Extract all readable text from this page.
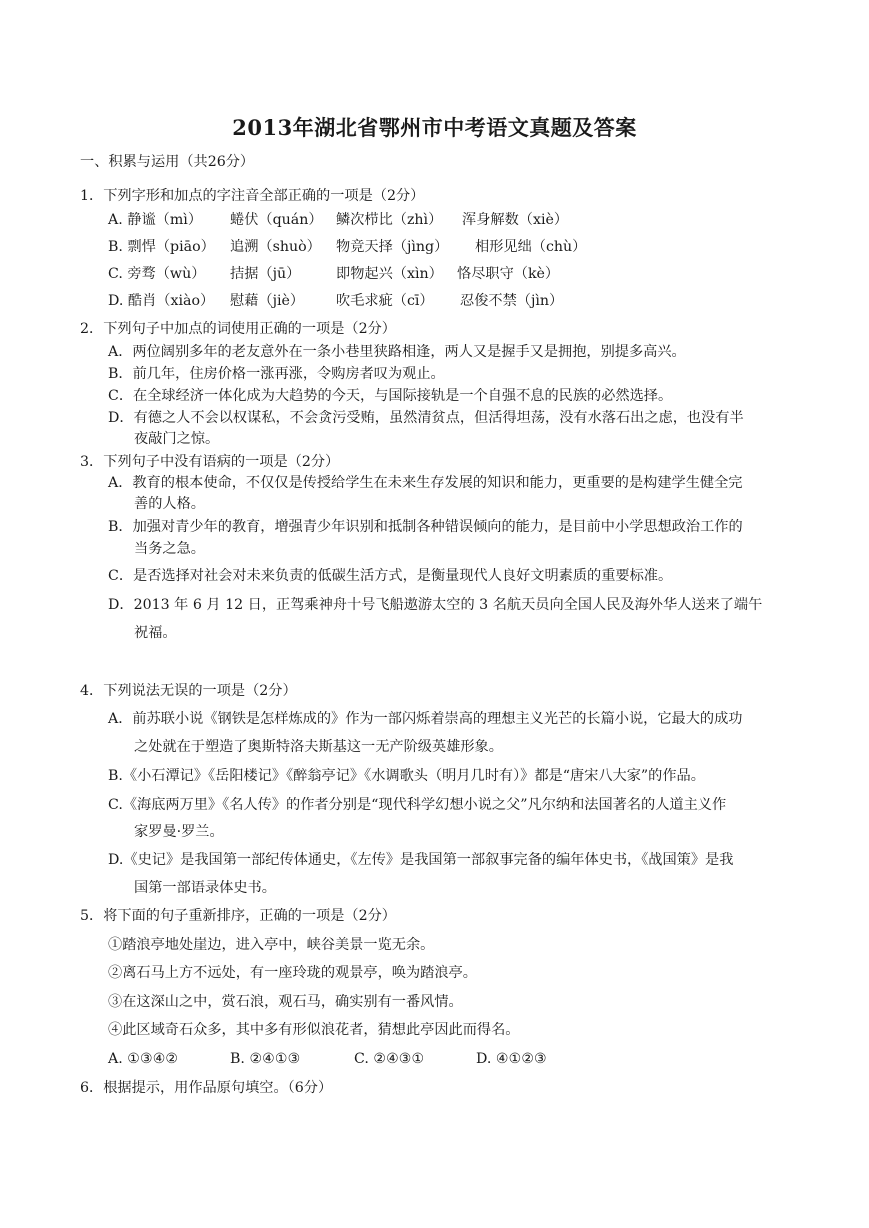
2013年湖北省鄂州市中考语文真题及答案
一、积累与运用（共26分）
1．下列字形和加点的字注音全部正确的一项是（2分）
A. 静谧（mì） 蜷伏（quán） 鳞次栉比（zhì） 浑身解数（xiè）
B. 剽悍（piāo） 追溯（shuò） 物竞天择（jìng） 相形见绌（chù）
C. 旁骛（wù） 拮据（jū）	即物起兴（xìn） 恪尽职守（kè）
D. 酷肖（xiào） 慰藉（jiè） 吹毛求疵（cī） 忍俊不禁（jìn）
2．下列句子中加点的词使用正确的一项是（2分）
A．两位阔别多年的老友意外在一条小巷里狭路相逢，两人又是握手又是拥抱，别提多高兴。
B．前几年，住房价格一涨再涨，令购房者叹为观止。
C．在全球经济一体化成为大趋势的今天，与国际接轨是一个自强不息的民族的必然选择。
D．有德之人不会以权谋私，不会贪污受贿，虽然清贫点，但活得坦荡，没有水落石出之虑，也没有半
夜敲门之惊。
3．下列句子中没有语病的一项是（2分）
A．教育的根本使命，不仅仅是传授给学生在未来生存发展的知识和能力，更重要的是构建学生健全完
善的人格。
B．加强对青少年的教育，增强青少年识别和抵制各种错误倾向的能力，是目前中小学思想政治工作的
当务之急。
C．是否选择对社会对未来负责的低碳生活方式，是衡量现代人良好文明素质的重要标准。
D．2013 年 6 月 12 日，正驾乘神舟十号飞船遨游太空的 3 名航天员向全国人民及海外华人送来了端午
祝福。
4．下列说法无误的一项是（2分）
A．前苏联小说《钢铁是怎样炼成的》作为一部闪烁着崇高的理想主义光芒的长篇小说，它最大的成功
之处就在于塑造了奥斯特洛夫斯基这一无产阶级英雄形象。
B.《小石潭记》《岳阳楼记》《醉翁亭记》《水调歌头（明月几时有）》都是“唐宋八大家”的作品。
C.《海底两万里》《名人传》的作者分别是“现代科学幻想小说之父”凡尔纳和法国著名的人道主义作
家罗曼·罗兰。
D.《史记》是我国第一部纪传体通史，《左传》是我国第一部叙事完备的编年体史书，《战国策》是我
国第一部语录体史书。
5．将下面的句子重新排序，正确的一项是（2分）
①踏浪亭地处崖边，进入亭中，峡谷美景一览无余。
②离石马上方不远处，有一座玲珑的观景亭，唤为踏浪亭。
③在这深山之中，赏石浪，观石马，确实别有一番风情。
④此区域奇石众多，其中多有形似浪花者，猜想此亭因此而得名。
A. ①③④②	B. ②④①③	C. ②④③①	D. ④①②③
6．根据提示，用作品原句填空。（6分）
